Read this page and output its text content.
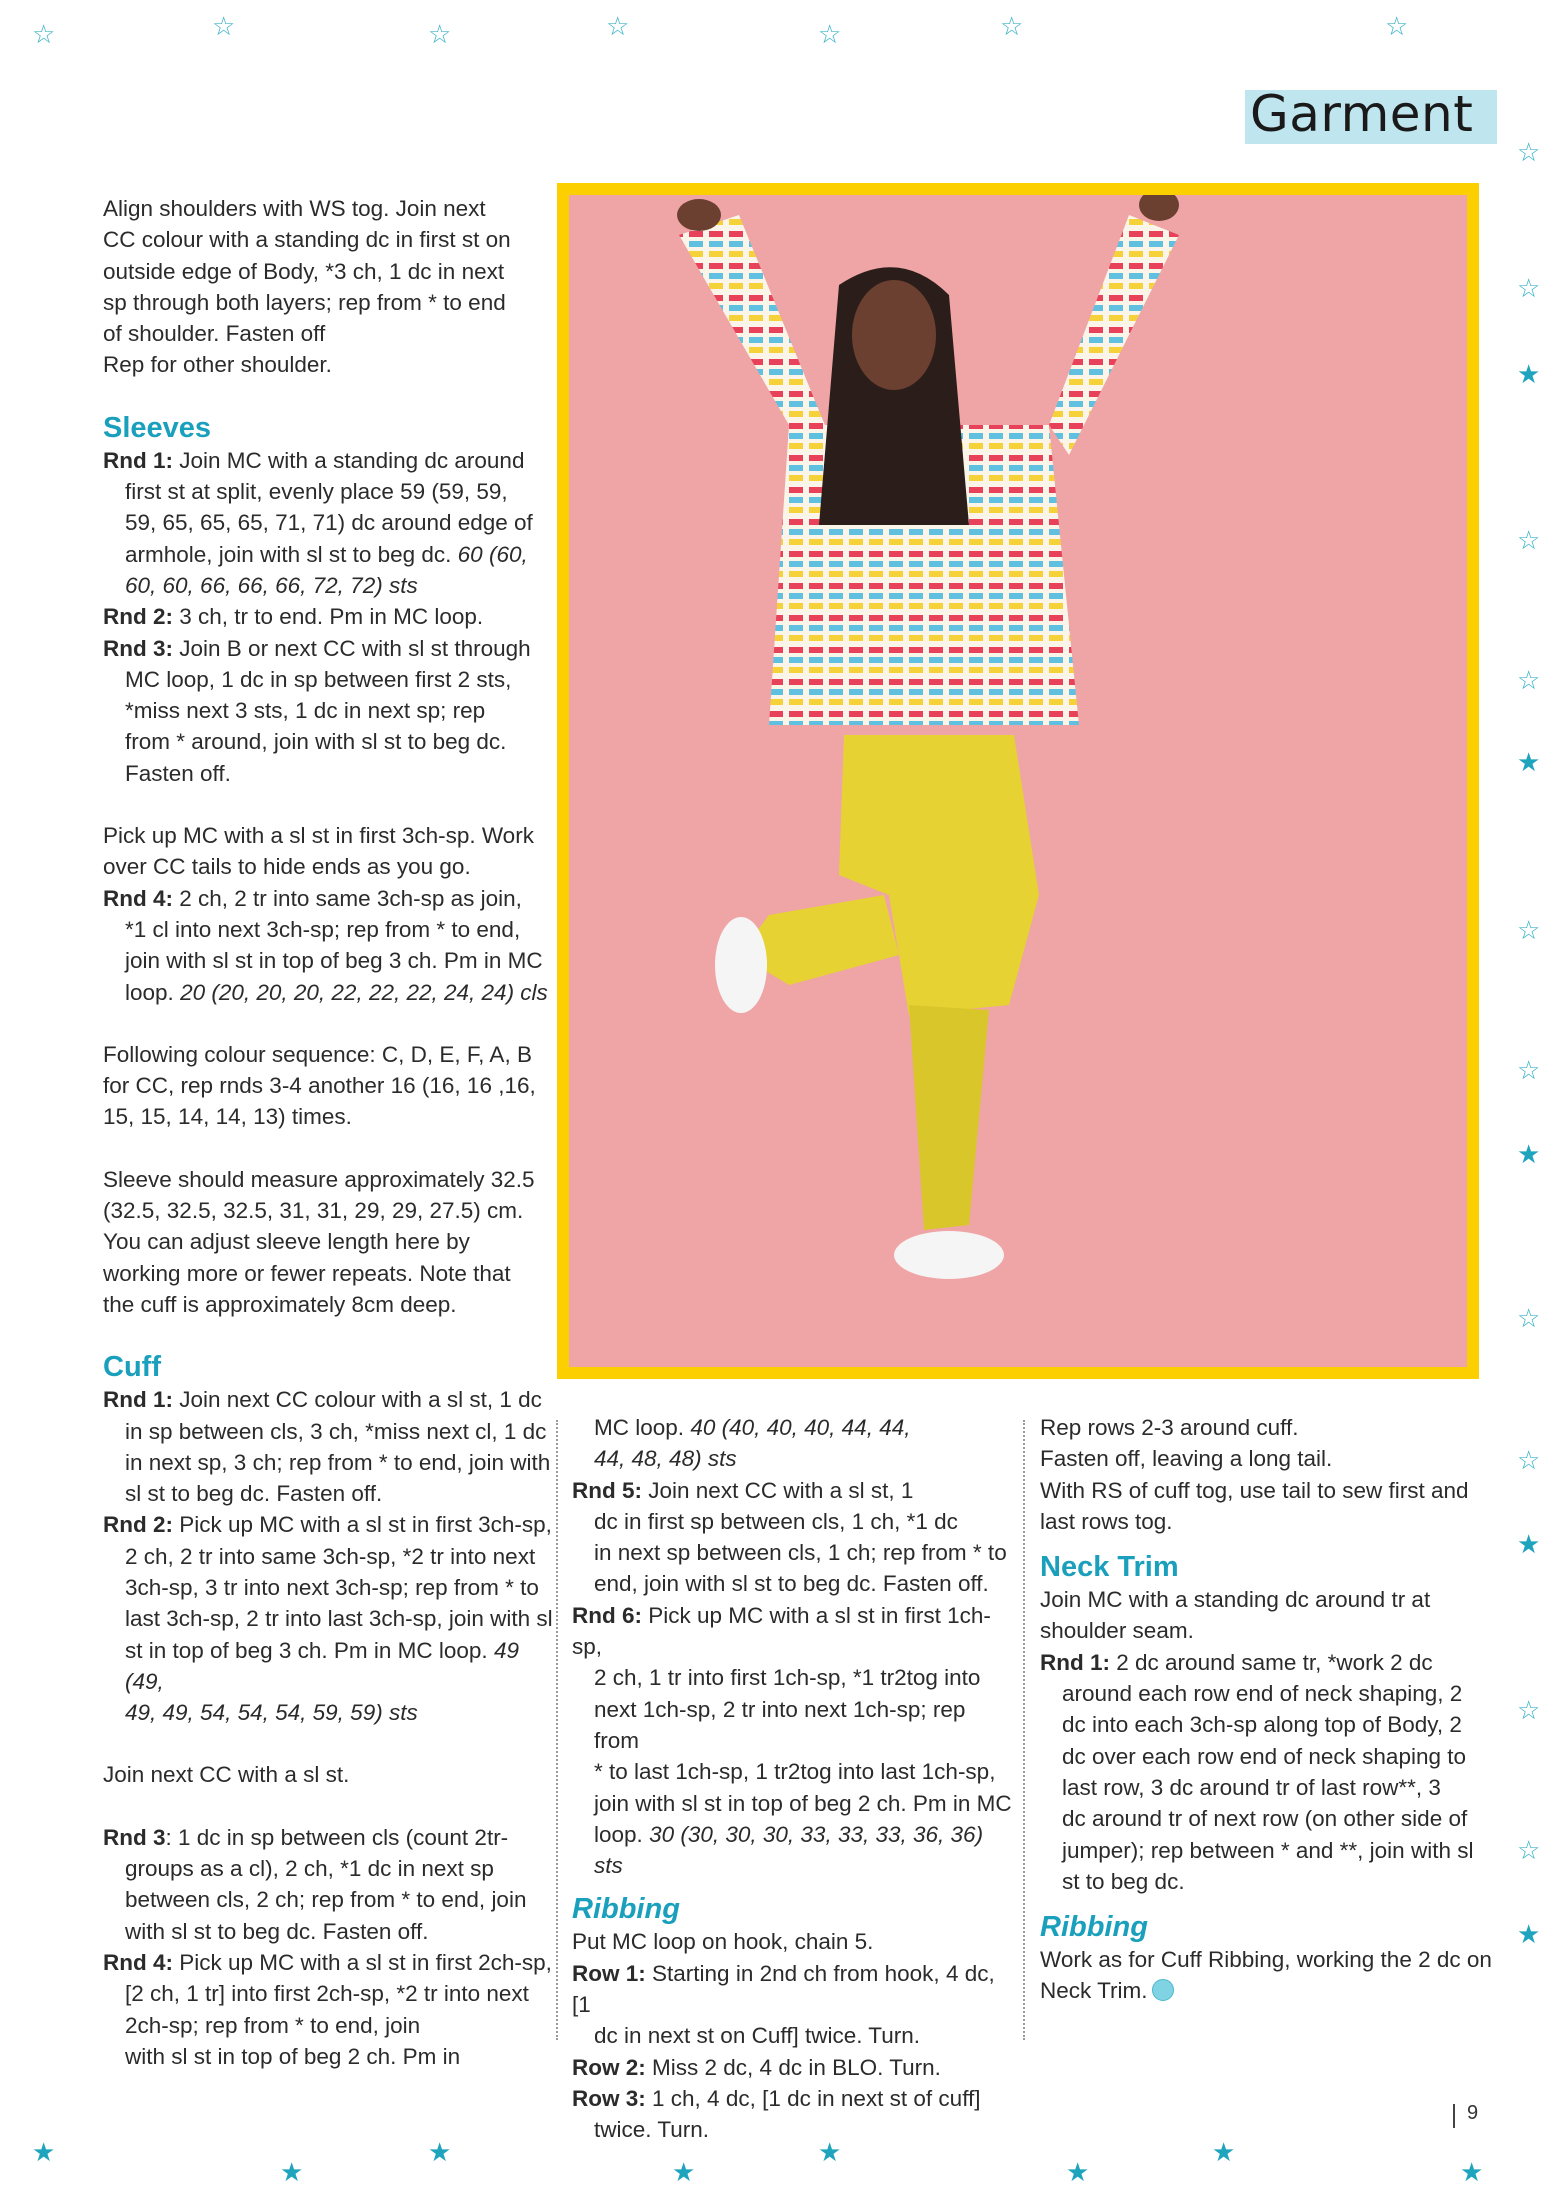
☆	☆	☆	☆	☆	☆	☆
☆
☆
★
☆
☆
★
☆
☆
★
☆
☆
★
☆
☆
★
★
★
★
★
★
★
★
★
Garment

Align shoulders with WS tog. Join next

CC colour with a standing dc in first st on

outside edge of Body, *3 ch, 1 dc in next

sp through both layers; rep from * to end

of shoulder. Fasten off

Rep for other shoulder.

Sleeves

Rnd 1: Join MC with a standing dc around

first st at split, evenly place 59 (59, 59,

59, 65, 65, 65, 71, 71) dc around edge of

armhole, join with sl st to beg dc. 60 (60,

60, 60, 66, 66, 66, 72, 72) sts

Rnd 2: 3 ch, tr to end. Pm in MC loop.

Rnd 3: Join B or next CC with sl st through

MC loop, 1 dc in sp between first 2 sts,

*miss next 3 sts, 1 dc in next sp; rep

from * around, join with sl st to beg dc.

Fasten off.

Pick up MC with a sl st in first 3ch-sp. Work

over CC tails to hide ends as you go.

Rnd 4: 2 ch, 2 tr into same 3ch-sp as join,

*1 cl into next 3ch-sp; rep from * to end,

join with sl st in top of beg 3 ch. Pm in MC

loop. 20 (20, 20, 20, 22, 22, 22, 24, 24) cls

Following colour sequence: C, D, E, F, A, B

for CC, rep rnds 3-4 another 16 (16, 16 ,16,

15, 15, 14, 14, 13) times.

Sleeve should measure approximately 32.5

(32.5, 32.5, 32.5, 31, 31, 29, 29, 27.5) cm.

You can adjust sleeve length here by

working more or fewer repeats. Note that

the cuff is approximately 8cm deep.

Cuff

Rnd 1: Join next CC colour with a sl st, 1 dc

in sp between cls, 3 ch, *miss next cl, 1 dc

in next sp, 3 ch; rep from * to end, join with

sl st to beg dc. Fasten off.

Rnd 2: Pick up MC with a sl st in first 3ch-sp,

2 ch, 2 tr into same 3ch-sp, *2 tr into next

3ch-sp, 3 tr into next 3ch-sp; rep from * to

last 3ch-sp, 2 tr into last 3ch-sp, join with sl

st in top of beg 3 ch. Pm in MC loop. 49 (49,

49, 49, 54, 54, 54, 59, 59) sts

Join next CC with a sl st.

Rnd 3: 1 dc in sp between cls (count 2tr-

groups as a cl), 2 ch, *1 dc in next sp

between cls, 2 ch; rep from * to end, join

with sl st to beg dc. Fasten off.

Rnd 4: Pick up MC with a sl st in first 2ch-sp,

[2 ch, 1 tr] into first 2ch-sp, *2 tr into next

2ch-sp; rep from * to end, join

with sl st in top of beg 2 ch. Pm in

MC loop. 40 (40, 40, 40, 44, 44,

44, 48, 48) sts

Rnd 5: Join next CC with a sl st, 1

dc in first sp between cls, 1 ch, *1 dc

in next sp between cls, 1 ch; rep from * to

end, join with sl st to beg dc. Fasten off.

Rnd 6: Pick up MC with a sl st in first 1ch-sp,

2 ch, 1 tr into first 1ch-sp, *1 tr2tog into

next 1ch-sp, 2 tr into next 1ch-sp; rep from

* to last 1ch-sp, 1 tr2tog into last 1ch-sp,

join with sl st in top of beg 2 ch. Pm in MC

loop. 30 (30, 30, 30, 33, 33, 33, 36, 36) sts

Ribbing

Put MC loop on hook, chain 5.

Row 1: Starting in 2nd ch from hook, 4 dc, [1

dc in next st on Cuff] twice. Turn.

Row 2: Miss 2 dc, 4 dc in BLO. Turn.

Row 3: 1 ch, 4 dc, [1 dc in next st of cuff]

twice. Turn.

Rep rows 2-3 around cuff.

Fasten off, leaving a long tail.

With RS of cuff tog, use tail to sew first and

last rows tog.

Neck Trim

Join MC with a standing dc around tr at

shoulder seam.

Rnd 1: 2 dc around same tr, *work 2 dc

around each row end of neck shaping, 2

dc into each 3ch-sp along top of Body, 2

dc over each row end of neck shaping to

last row, 3 dc around tr of last row**, 3

dc around tr of next row (on other side of

jumper); rep between * and **, join with sl

st to beg dc.

Ribbing

Work as for Cuff Ribbing, working the 2 dc on

Neck Trim.

9
